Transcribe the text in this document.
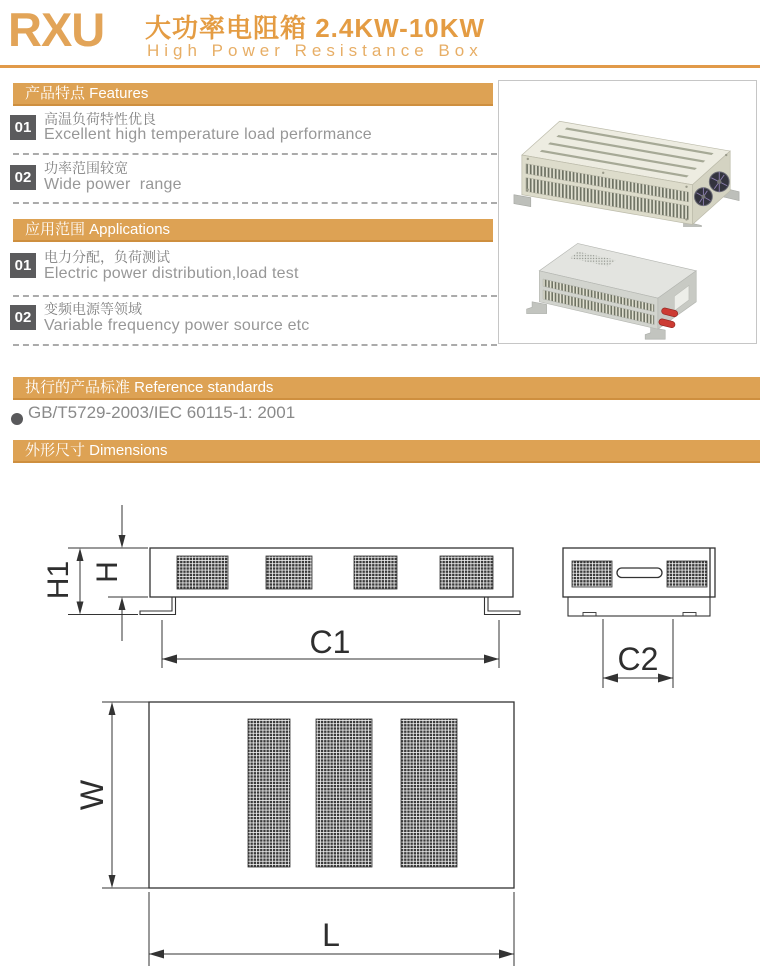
RXU 大功率电阻箱 2.4KW-10KW
High Power Resistance Box
产品特点 Features
01 高温负荷特性优良
Excellent high temperature load performance
02
功率范围较宽
Wide power  range
应用范围 Applications
01 电力分配，负荷测试
Electric power distribution,load test
02 变频电源等领域
Variable frequency power source etc
执行的产品标准 Reference standards
GB/T5729-2003/IEC 60115-1: 2001
外形尺寸 Dimensions
H1 H
C1	C2
W
L
